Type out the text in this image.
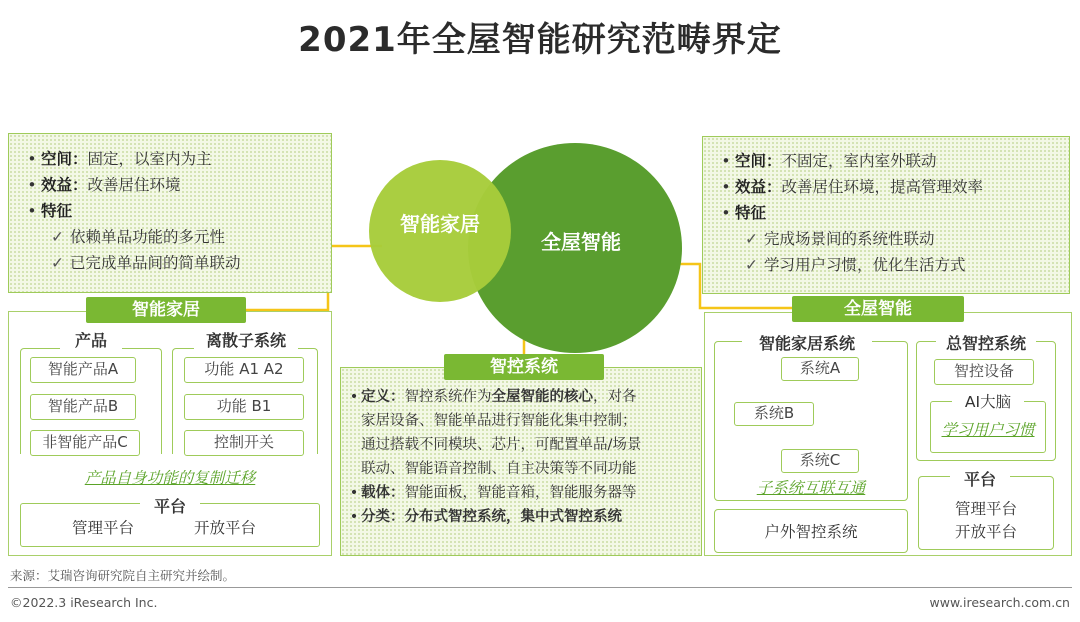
2021年全屋智能研究范畴界定
智能家居
全屋智能
• 空间：固定，以室内为主
• 效益：改善居住环境
• 特征
✓ 依赖单品功能的多元性
✓ 已完成单品间的简单联动
智能家居
产品	离散子系统
智能产品A
智能产品B
非智能产品C
功能 A1 A2
功能 B1
控制开关
产品自身功能的复制迁移
平台
管理平台	开放平台
• 定义：智控系统作为全屋智能的核心，对各
家居设备、智能单品进行智能化集中控制；
通过搭载不同模块、芯片，可配置单品/场景
联动、智能语音控制、自主决策等不同功能
• 载体：智能面板，智能音箱，智能服务器等
• 分类：分布式智控系统，集中式智控系统
智控系统
• 空间：不固定，室内室外联动
• 效益：改善居住环境，提高管理效率
• 特征
✓ 完成场景间的系统性联动
✓ 学习用户习惯，优化生活方式
全屋智能
智能家居系统
系统A
系统B
系统C
子系统互联互通
总智控系统
智控设备
AI大脑
学习用户习惯
户外智控系统
平台
管理平台
开放平台
来源：艾瑞咨询研究院自主研究并绘制。
©2022.3 iResearch Inc.	www.iresearch.com.cn
